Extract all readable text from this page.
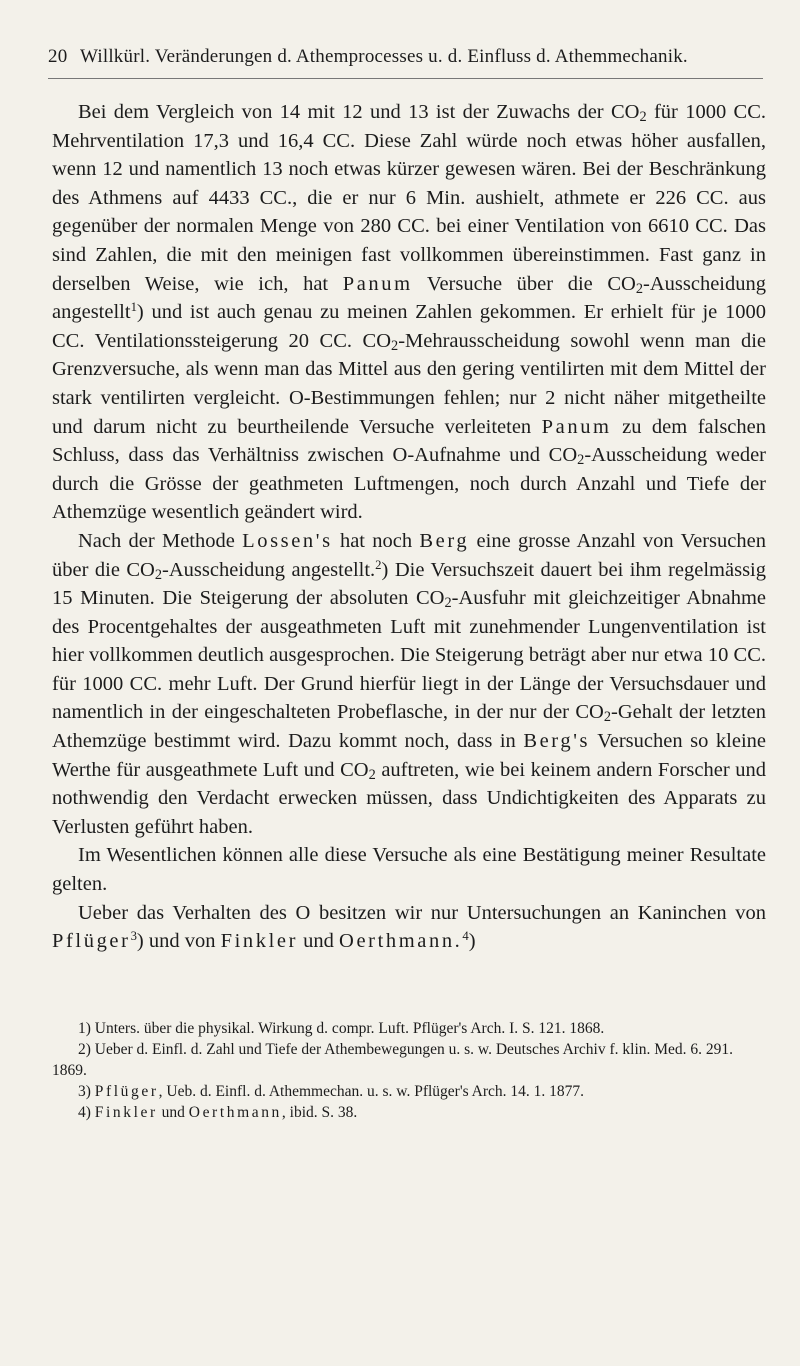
20 Willkürl. Veränderungen d. Athemprocesses u. d. Einfluss d. Athemmechanik.

Bei dem Vergleich von 14 mit 12 und 13 ist der Zuwachs der $CO_2$ für 1000 CC. Mehrventilation 17,3 und 16,4 CC. Diese Zahl würde noch etwas höher ausfallen, wenn 12 und namentlich 13 noch etwas kürzer gewesen wären. Bei der Beschränkung des Athmens auf 4433 CC., die er nur 6 Min. aushielt, athmete er 226 CC. aus gegenüber der normalen Menge von 280 CC. bei einer Ventilation von 6610 CC. Das sind Zahlen, die mit den meinigen fast vollkommen übereinstimmen. Fast ganz in derselben Weise, wie ich, hat Panum Versuche über die $CO_2$-Ausscheidung angestellt$^1$) und ist auch genau zu meinen Zahlen gekommen. Er erhielt für je 1000 CC. Ventilationssteigerung 20 CC. $CO_2$-Mehrausscheidung sowohl wenn man die Grenzversuche, als wenn man das Mittel aus den gering ventilirten mit dem Mittel der stark ventilirten vergleicht. O-Bestimmungen fehlen; nur 2 nicht näher mitgetheilte und darum nicht zu beurtheilende Versuche verleiteten Panum zu dem falschen Schluss, dass das Verhältniss zwischen O-Aufnahme und $CO_2$-Ausscheidung weder durch die Grösse der geathmeten Luftmengen, noch durch Anzahl und Tiefe der Athemzüge wesentlich geändert wird.

Nach der Methode Lossen's hat noch Berg eine grosse Anzahl von Versuchen über die $CO_2$-Ausscheidung angestellt.$^2$) Die Versuchszeit dauert bei ihm regelmässig 15 Minuten. Die Steigerung der absoluten $CO_2$-Ausfuhr mit gleichzeitiger Abnahme des Procentgehaltes der ausgeathmeten Luft mit zunehmender Lungenventilation ist hier vollkommen deutlich ausgesprochen. Die Steigerung beträgt aber nur etwa 10 CC. für 1000 CC. mehr Luft. Der Grund hierfür liegt in der Länge der Versuchsdauer und namentlich in der eingeschalteten Probeflasche, in der nur der $CO_2$-Gehalt der letzten Athemzüge bestimmt wird. Dazu kommt noch, dass in Berg's Versuchen so kleine Werthe für ausgeathmete Luft und $CO_2$ auftreten, wie bei keinem andern Forscher und nothwendig den Verdacht erwecken müssen, dass Undichtigkeiten des Apparats zu Verlusten geführt haben.

Im Wesentlichen können alle diese Versuche als eine Bestätigung meiner Resultate gelten.

Ueber das Verhalten des O besitzen wir nur Untersuchungen an Kaninchen von Pflüger$^3$) und von Finkler und Oerthmann.$^4$)

1) Unters. über die physikal. Wirkung d. compr. Luft. Pflüger's Arch. I. S. 121. 1868.

2) Ueber d. Einfl. d. Zahl und Tiefe der Athembewegungen u. s. w. Deutsches Archiv f. klin. Med. 6. 291. 1869.

3) Pflüger, Ueb. d. Einfl. d. Athemmechan. u. s. w. Pflüger's Arch. 14. 1. 1877.

4) Finkler und Oerthmann, ibid. S. 38.
